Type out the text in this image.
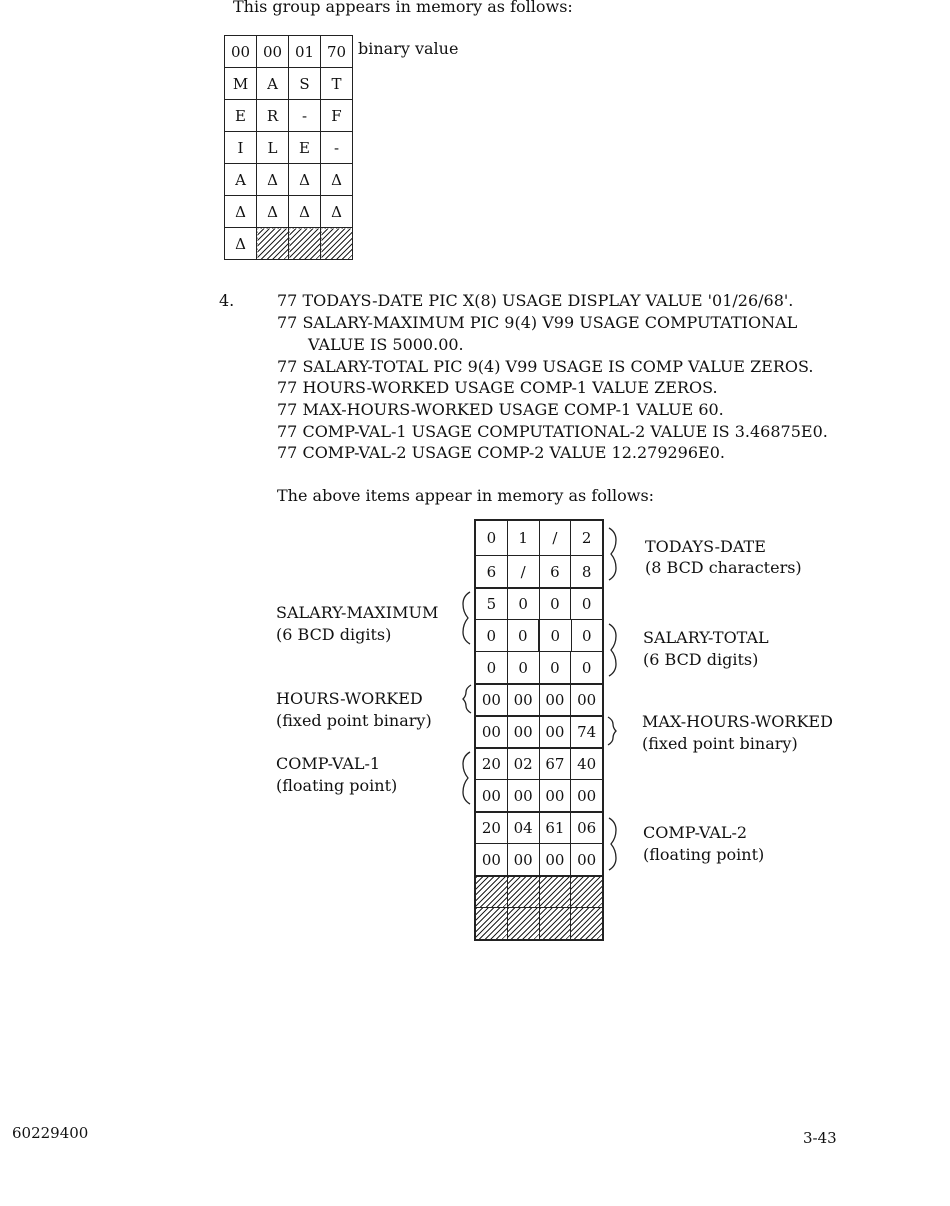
This group appears in memory as follows:
00	00	01	70
M	A	S	T
E	R	-	F
I	L	E	-
A	Δ	Δ	Δ
Δ	Δ	Δ	Δ
Δ			
binary value
4.	77 TODAYS-DATE PIC X(8) USAGE DISPLAY VALUE '01/26/68'.
77 SALARY-MAXIMUM PIC 9(4) V99 USAGE COMPUTATIONAL
VALUE IS 5000.00.
77 SALARY-TOTAL PIC 9(4) V99 USAGE IS COMP VALUE ZEROS.
77 HOURS-WORKED USAGE COMP-1 VALUE ZEROS.
77 MAX-HOURS-WORKED USAGE COMP-1 VALUE 60.
77 COMP-VAL-1 USAGE COMPUTATIONAL-2 VALUE IS 3.46875E0.
77 COMP-VAL-2 USAGE COMP-2 VALUE 12.279296E0.
The above items appear in memory as follows:
0	1	/	2
6	/	6	8
5	0	0	0
0	0	0	0
0	0	0	0
00 00 00 00
00 00 00 74
20 02 67 40
00 00 00 00
20 04 61 06
00 00 00 00
TODAYS-DATE
(8 BCD characters)
SALARY-MAXIMUM
(6 BCD digits)	SALARY-TOTAL
(6 BCD digits)
HOURS-WORKED
(fixed point binary)	MAX-HOURS-WORKED
(fixed point binary)
COMP-VAL-1
(floating point)
COMP-VAL-2
(floating point)
60229400	3-43
